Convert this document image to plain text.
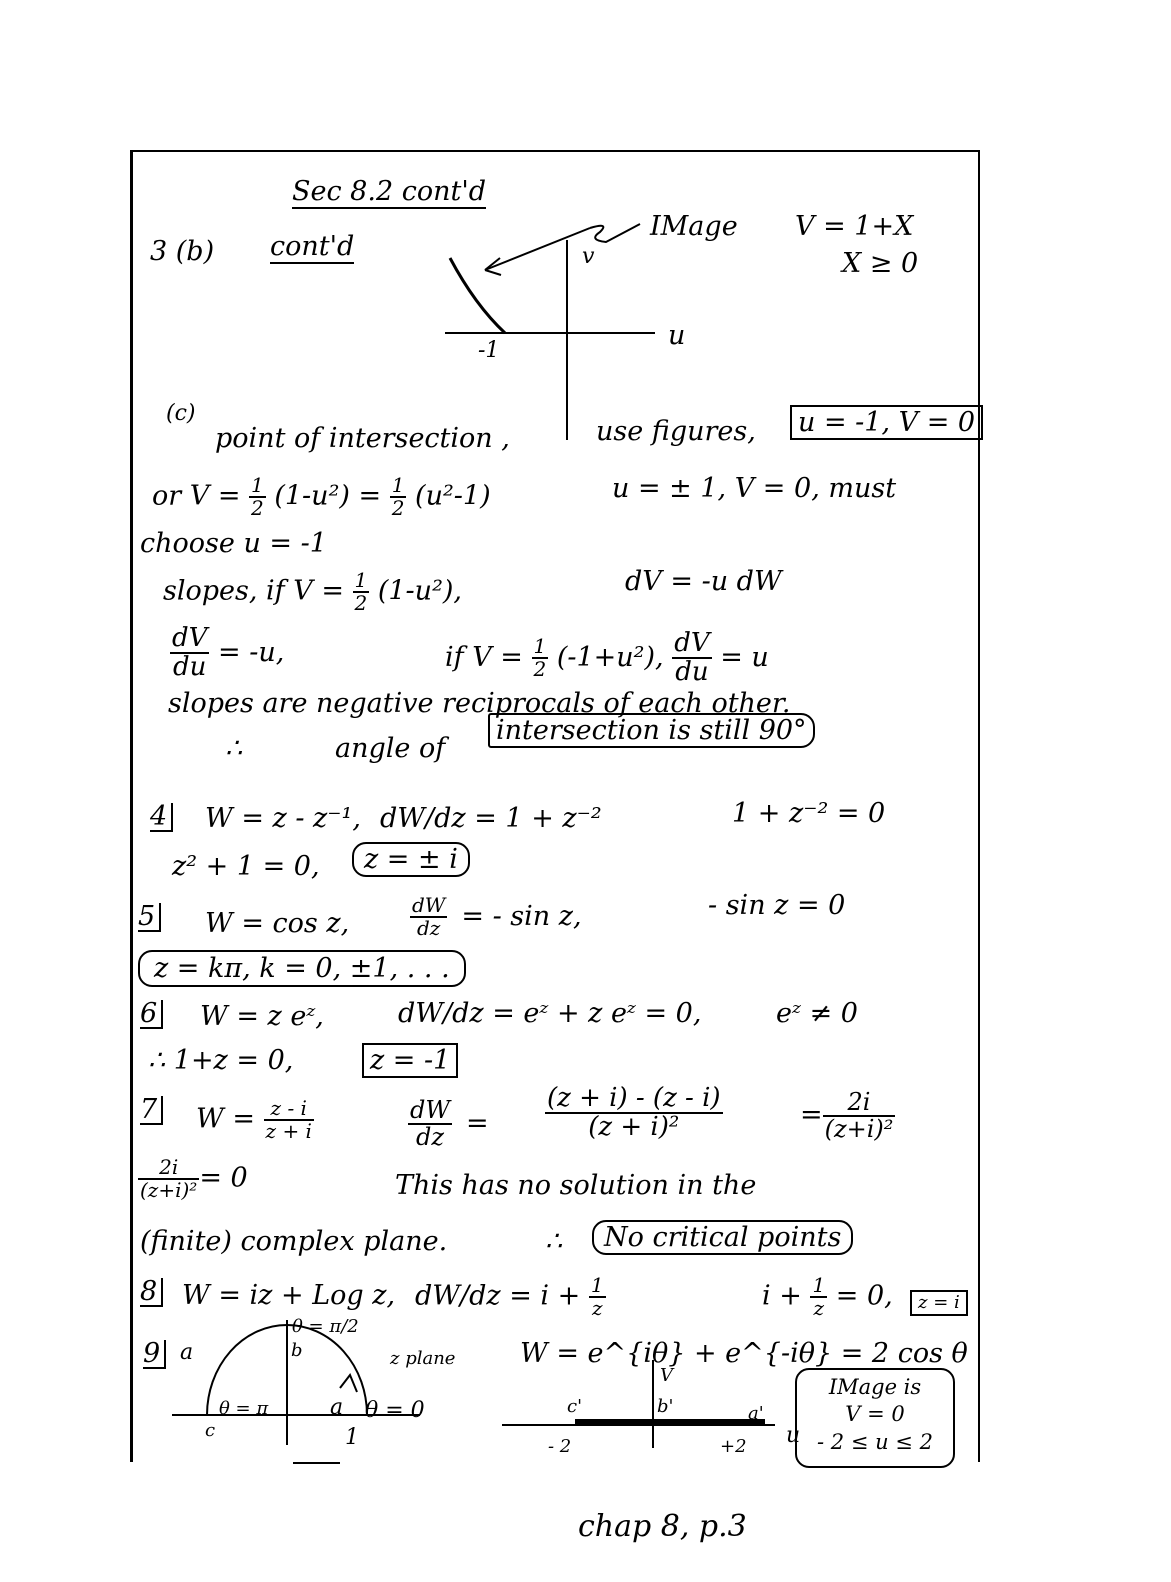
Sec 8.2 cont'd
3 (b) cont'd
IMage V = 1+X
X ≥ 0
v
u
-1
(c)
point of intersection ,	use figures, u = -1, V = 0
or $V = \frac{1}{2} (1-u^2) = \frac{1}{2} (u^2-1)$	u = ± 1, V = 0, must
choose u = -1
slopes, if $V = \frac{1}{2} (1-u^2)$,	dV = -u dW
$\frac{dV}{du} = -u$,	if $V = \frac{1}{2} (-1+u^2)$, $\frac{dV}{du} = u$
slopes are negative reciprocals of each other.
∴	angle of
intersection is still 90°
4 W = z - z⁻¹, dW/dz = 1 + z⁻²	1 + z⁻² = 0
z² + 1 = 0,	z = ± i
5 W = cos z,	$\frac{dW}{dz}$ = - sin z,	- sin z = 0
z = kπ, k = 0, ±1, . . .
6 W = z eᶻ,	dW/dz = eᶻ + z eᶻ = 0,	eᶻ ≠ 0
∴ 1+z = 0,	z = -1
7 $W = \frac{z - i}{z + i}$	$\frac{dW}{dz} = \frac{(z + i) - (z - i)}{\text{(z + i)²}}$	= $\frac{2i}{\text{(z+i)²}}$
$\frac{2i}{\text{(z+i)²}} = 0$	This has no solution in the
(finite) complex plane.	∴	No critical points
8 W = iz + Log z, $dW/dz = i + \frac{1}{z}$	$i + \frac{1}{z} = 0$,	z = i
9 a
θ = π/2
b
θ = π
c
a θ = 0
1
z plane W = e^{iθ} + e^{-iθ} = 2 cos θ
V
c'	b'	a'
u
- 2	+2
IMage is
V = 0
- 2 ≤ u ≤ 2
chap 8, p.3
